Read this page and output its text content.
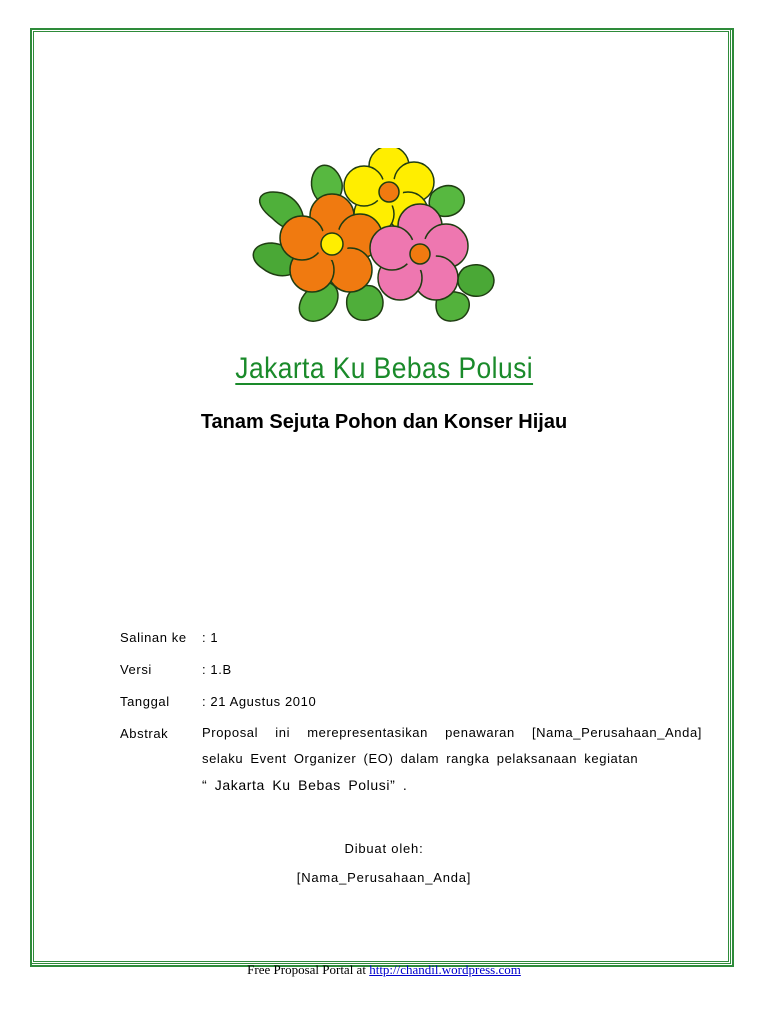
Jakarta Ku Bebas Polusi
Tanam Sejuta Pohon dan Konser Hijau
Salinan ke	: 1
Versi	: 1.B
Tanggal	: 21 Agustus 2010
Abstrak	Proposal ini merepresentasikan penawaran [Nama_Perusahaan_Anda] selaku Event Organizer (EO) dalam rangka pelaksanaan kegiatan
“ Jakarta Ku Bebas Polusi” .
Dibuat oleh:
[Nama_Perusahaan_Anda]
Free Proposal Portal at http://chandil.wordpress.com
